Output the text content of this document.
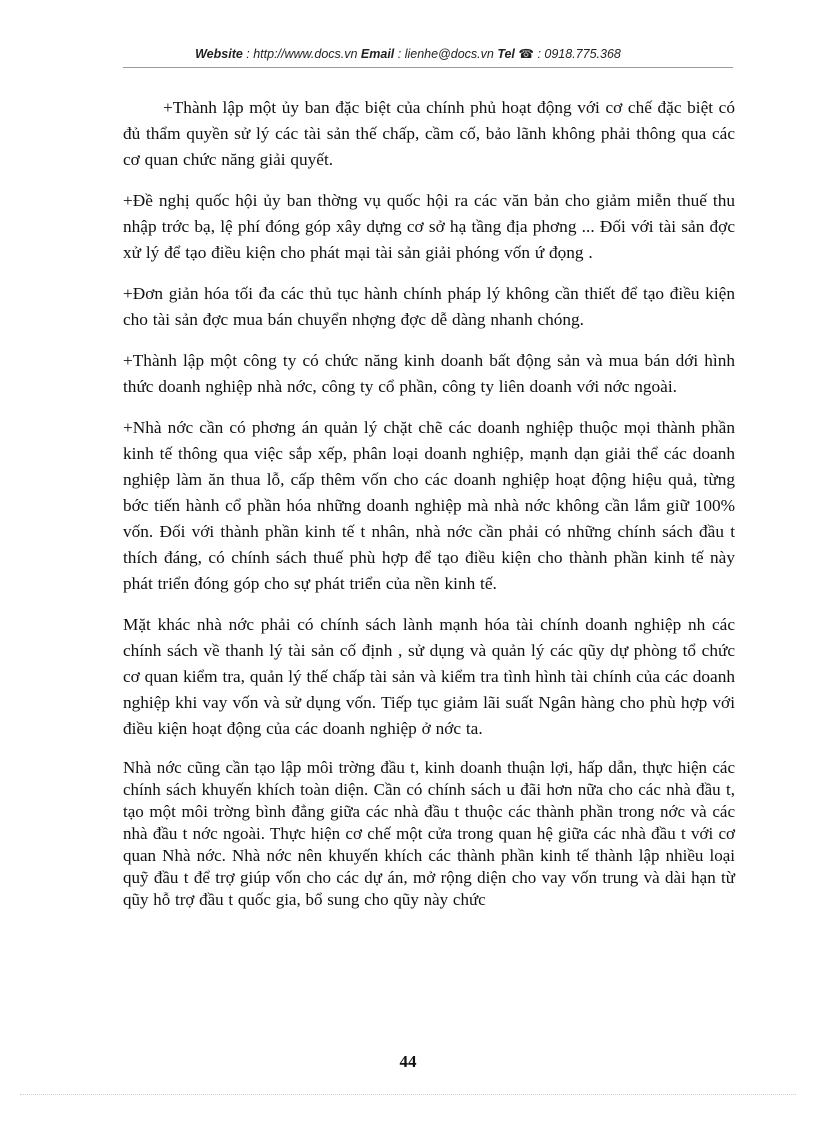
Website : http://www.docs.vn Email : lienhe@docs.vn Tel ☎ : 0918.775.368

+Thành lập một ủy ban đặc biệt của chính phủ hoạt động với cơ chế đặc biệt có đủ thẩm quyền sử lý các tài sản thế chấp, cầm cố, bảo lãnh không phải thông qua các cơ quan chức năng giải quyết.

+Đề nghị quốc hội ủy ban thờng vụ quốc hội ra các văn bản cho giảm miễn thuế thu nhập trớc bạ, lệ phí đóng góp xây dựng cơ sở hạ tầng địa phơng ... Đối với tài sản đợc xử lý để tạo điều kiện cho phát mại tài sản giải phóng vốn ứ đọng .

+Đơn giản hóa tối đa các thủ tục hành chính pháp lý không cần thiết để tạo điều kiện cho tài sản đợc mua bán chuyển nhợng đợc dễ dàng nhanh chóng.

+Thành lập một công ty có chức năng kinh doanh bất động sản và mua bán dới hình thức doanh nghiệp nhà nớc, công ty cổ phần, công ty liên doanh với nớc ngoài.

+Nhà nớc cần có phơng án quản lý chặt chẽ các doanh nghiệp thuộc mọi thành phần kinh tế thông qua việc sắp xếp, phân loại doanh nghiệp, mạnh dạn giải thể các doanh nghiệp làm ăn thua lỗ, cấp thêm vốn cho các doanh nghiệp hoạt động hiệu quả, từng bớc tiến hành cổ phần hóa những doanh nghiệp mà nhà nớc không cần lắm giữ 100% vốn. Đối với thành phần kinh tế t nhân, nhà nớc cần phải có những chính sách đầu t thích đáng, có chính sách thuế phù hợp để tạo điều kiện cho thành phần kinh tế này phát triển đóng góp cho sự phát triển của nền kinh tế.

Mặt khác nhà nớc phải có chính sách lành mạnh hóa tài chính doanh nghiệp nh các chính sách về thanh lý tài sản cố định , sử dụng và quản lý các qũy dự phòng tổ chức cơ quan kiểm tra, quản lý thế chấp tài sản và kiểm tra tình hình tài chính của các doanh nghiệp khi vay vốn và sử dụng vốn. Tiếp tục giảm lãi suất Ngân hàng cho phù hợp với điều kiện hoạt động của các doanh nghiệp ở nớc ta.

Nhà nớc cũng cần tạo lập môi trờng đầu t, kinh doanh thuận lợi, hấp dẫn, thực hiện các chính sách khuyến khích toàn diện. Cần có chính sách u đãi hơn nữa cho các nhà đầu t, tạo một môi trờng bình đẳng giữa các nhà đầu t thuộc các thành phần trong nớc và các nhà đầu t nớc ngoài. Thực hiện cơ chế một cửa trong quan hệ giữa các nhà đầu t với cơ quan Nhà nớc. Nhà nớc nên khuyến khích các thành phần kinh tế thành lập nhiều loại quỹ đầu t để trợ giúp vốn cho các dự án, mở rộng diện cho vay vốn trung và dài hạn từ qũy hỗ trợ đầu t quốc gia, bổ sung cho qũy này chức

44
